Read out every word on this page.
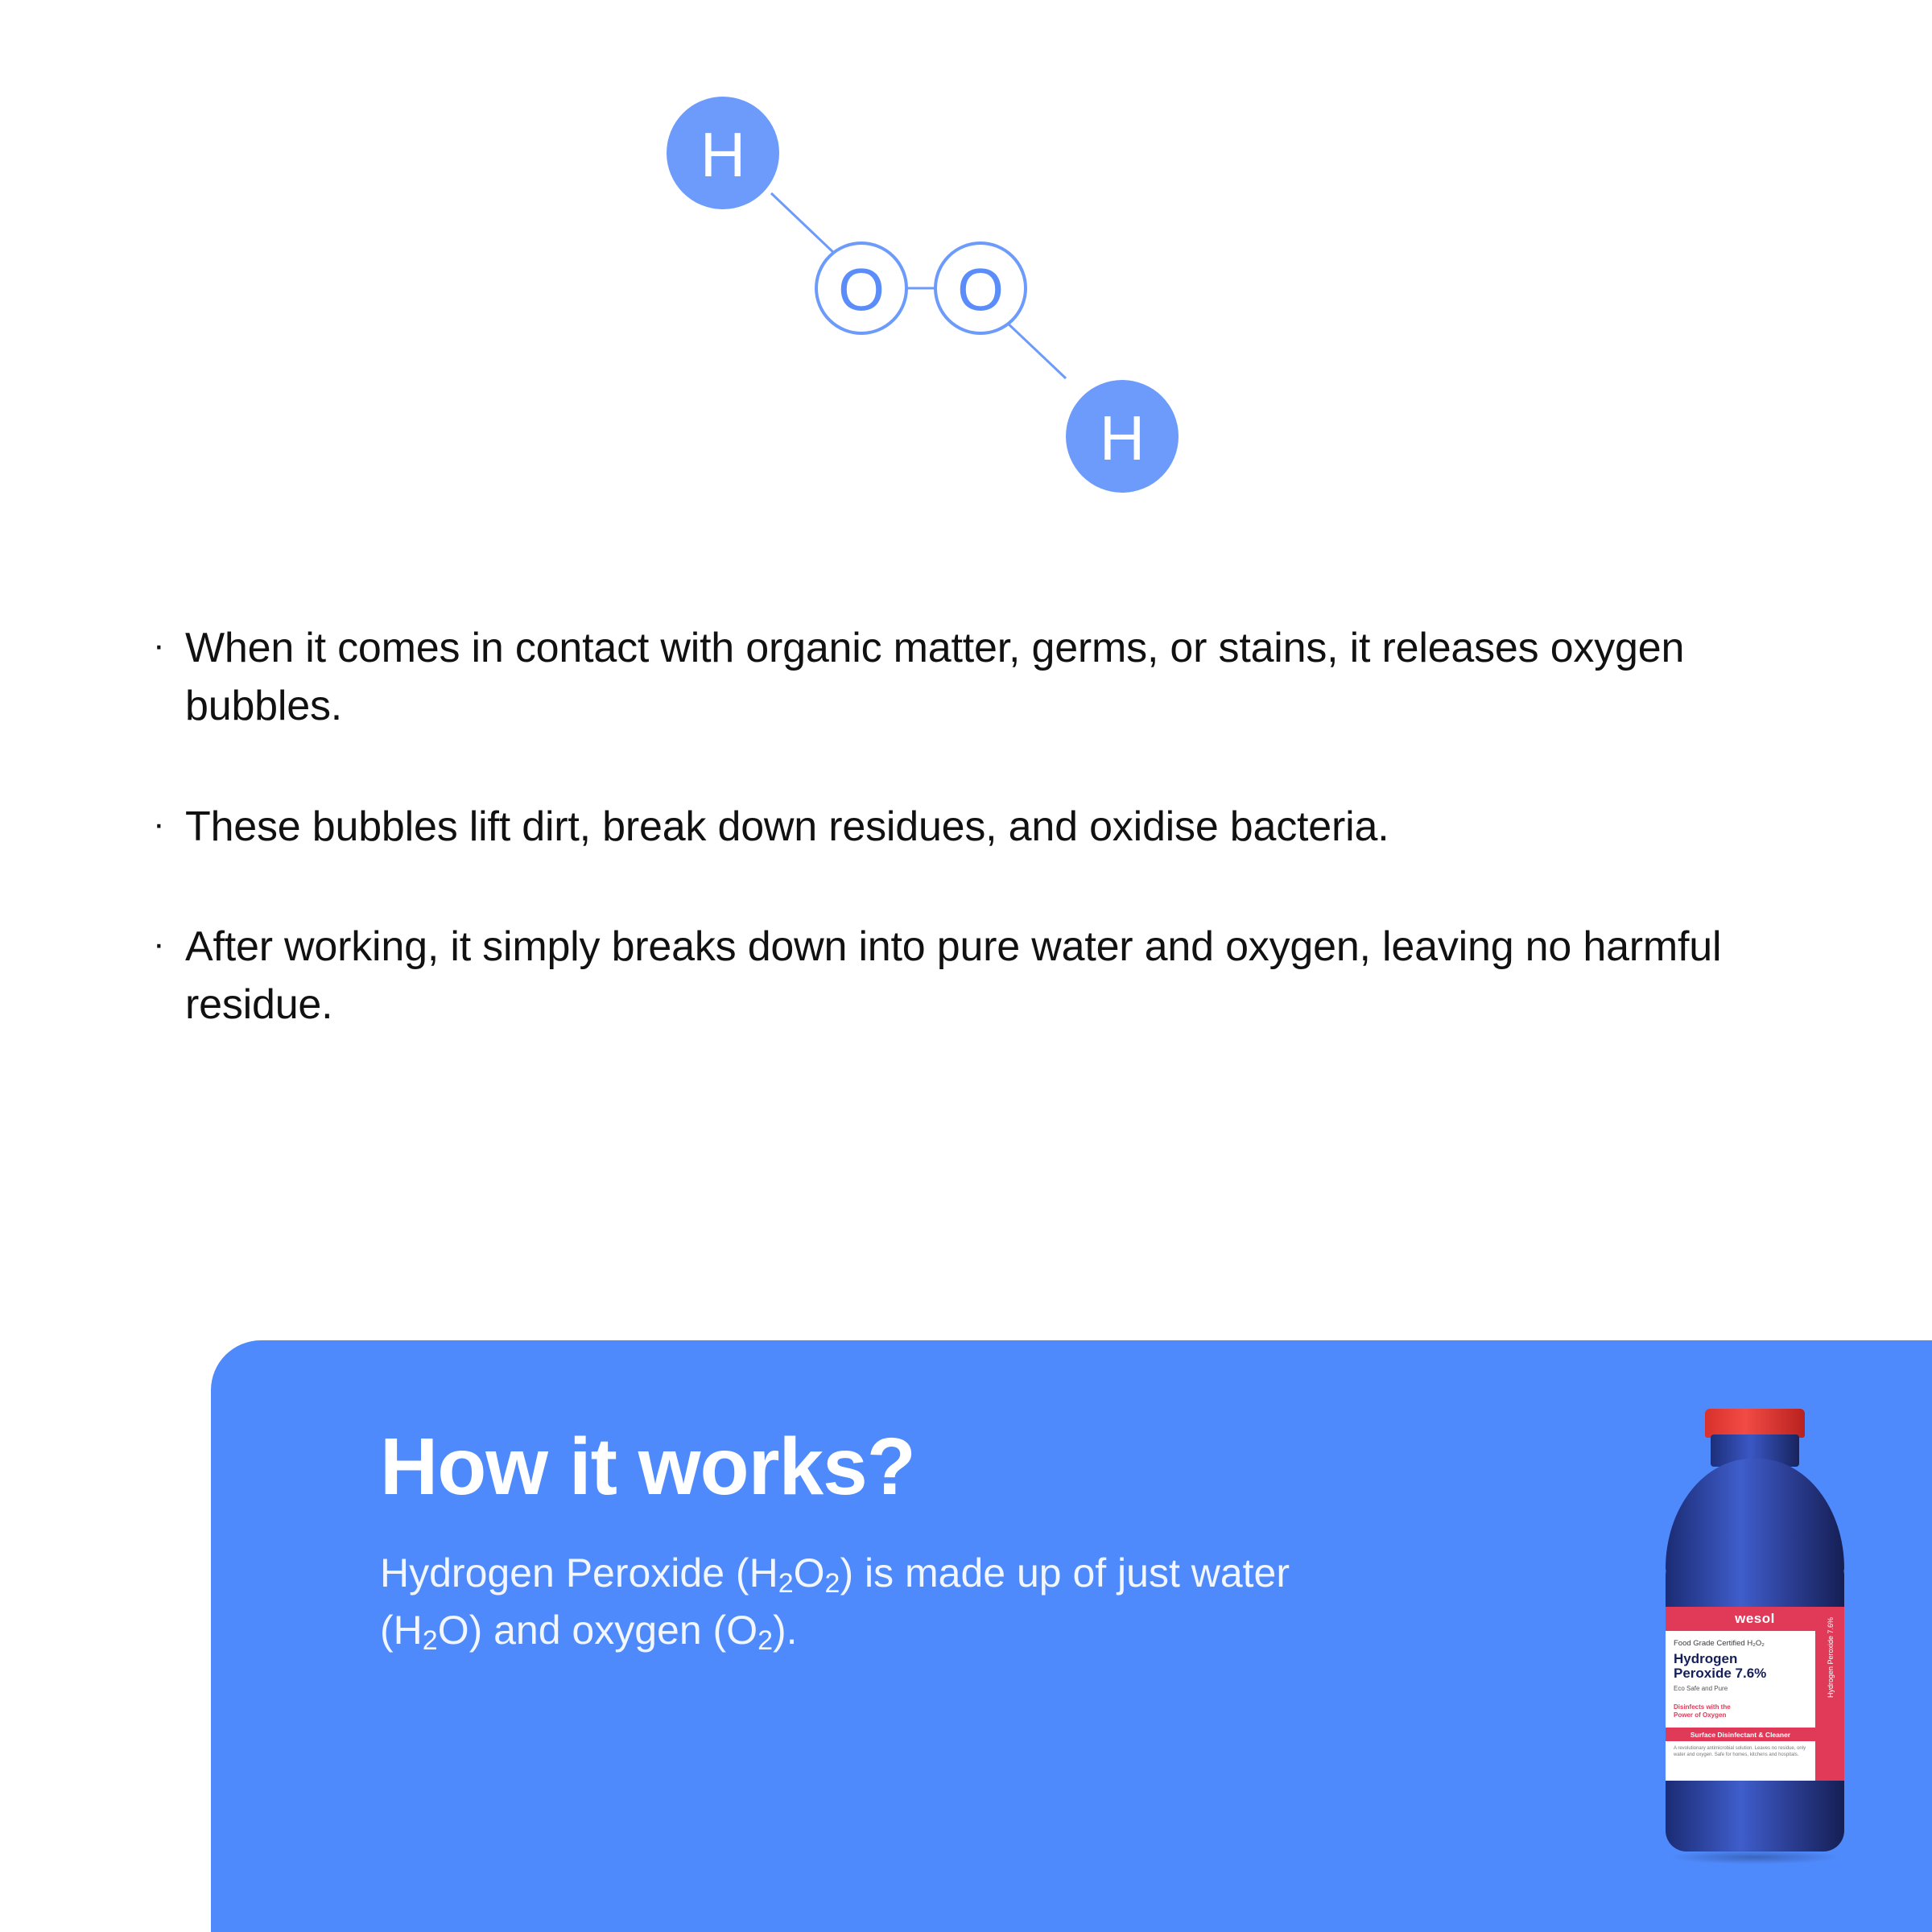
H
O O
H
· When it comes in contact with organic matter, germs, or stains, it releases oxygen bubbles.
· These bubbles lift dirt, break down residues, and oxidise bacteria.
· After working, it simply breaks down into pure water and oxygen, leaving no harmful residue.
How it works?

Hydrogen Peroxide $(H_2O_2)$ is made up of just water $(H_2O)$ and oxygen $(O_2)$.	wesol	Hydrogen Peroxide 7.6%
Food Grade Certified H₂O₂
Hydrogen
Peroxide 7.6%
Eco Safe and Pure
Disinfects with the
Power of Oxygen
Surface Disinfectant & Cleaner
A revolutionary antimicrobial solution. Leaves no residue, only water and oxygen. Safe for homes, kitchens and hospitals.
